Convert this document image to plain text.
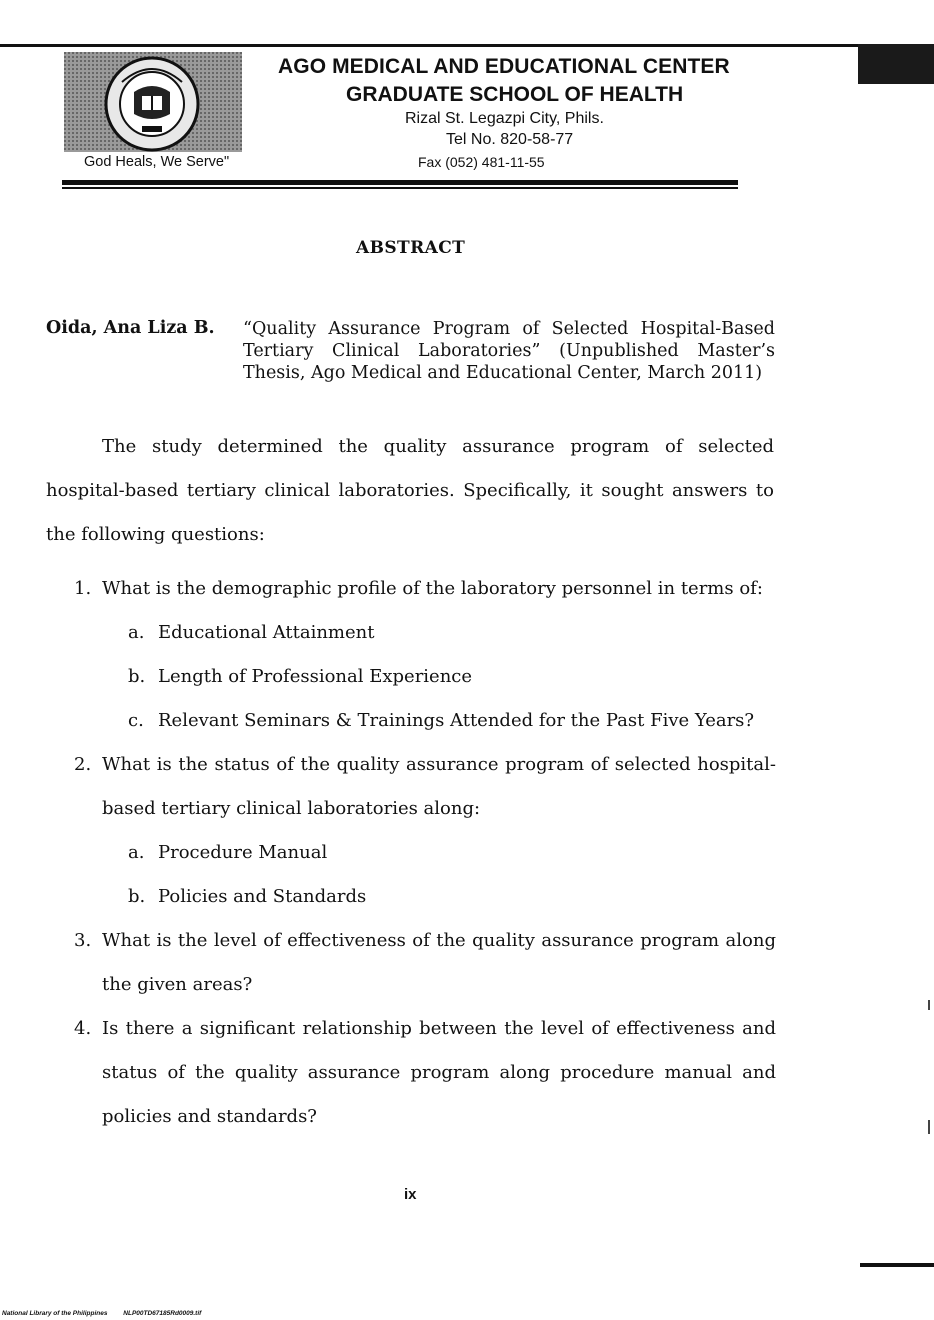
God Heals, We Serve"
AGO MEDICAL AND EDUCATIONAL CENTER
GRADUATE SCHOOL OF HEALTH
Rizal St. Legazpi City, Phils.
Tel No. 820-58-77
Fax (052) 481-11-55
ABSTRACT
Oida, Ana Liza B. “Quality Assurance Program of Selected Hospital-Based Tertiary Clinical Laboratories” (Unpublished Master’s Thesis, Ago Medical and Educational Center, March 2011)
The study determined the quality assurance program of selected hospital-based tertiary clinical laboratories. Specifically, it sought answers to the following questions:
1. What is the demographic profile of the laboratory personnel in terms of:
a. Educational Attainment
b. Length of Professional Experience
c. Relevant Seminars & Trainings Attended for the Past Five Years?
2. What is the status of the quality assurance program of selected hospital-based tertiary clinical laboratories along:
a. Procedure Manual
b. Policies and Standards
3. What is the level of effectiveness of the quality assurance program along the given areas?
4. Is there a significant relationship between the level of effectiveness and status of the quality assurance program along procedure manual and policies and standards?
ix
National Library of the Philippines NLP00TD67185Rd0009.tif
